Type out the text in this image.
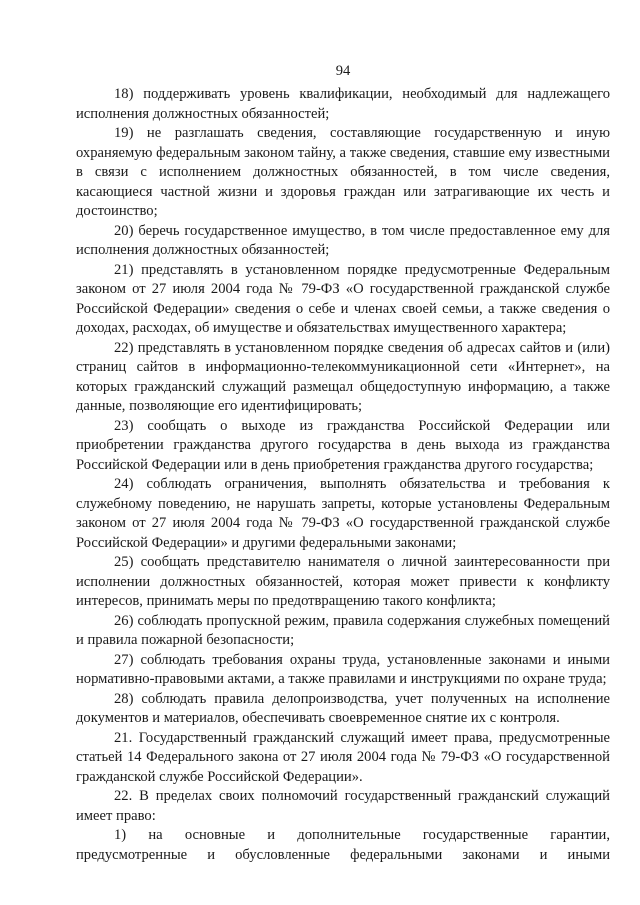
94

18) поддерживать уровень квалификации, необходимый для надлежащего исполнения должностных обязанностей;

19) не разглашать сведения, составляющие государственную и иную охраняемую федеральным законом тайну, а также сведения, ставшие ему известными в связи с исполнением должностных обязанностей, в том числе сведения, касающиеся частной жизни и здоровья граждан или затрагивающие их честь и достоинство;

20) беречь государственное имущество, в том числе предоставленное ему для исполнения должностных обязанностей;

21) представлять в установленном порядке предусмотренные Федеральным законом от 27 июля 2004 года № 79-ФЗ «О государственной гражданской службе Российской Федерации» сведения о себе и членах своей семьи, а также сведения о доходах, расходах, об имуществе и обязательствах имущественного характера;

22) представлять в установленном порядке сведения об адресах сайтов и (или) страниц сайтов в информационно-телекоммуникационной сети «Интернет», на которых гражданский служащий размещал общедоступную информацию, а также данные, позволяющие его идентифицировать;

23) сообщать о выходе из гражданства Российской Федерации или приобретении гражданства другого государства в день выхода из гражданства Российской Федерации или в день приобретения гражданства другого государства;

24) соблюдать ограничения, выполнять обязательства и требования к служебному поведению, не нарушать запреты, которые установлены Федеральным законом от 27 июля 2004 года № 79-ФЗ «О государственной гражданской службе Российской Федерации» и другими федеральными законами;

25) сообщать представителю нанимателя о личной заинтересованности при исполнении должностных обязанностей, которая может привести к конфликту интересов, принимать меры по предотвращению такого конфликта;

26) соблюдать пропускной режим, правила содержания служебных помещений и правила пожарной безопасности;

27) соблюдать требования охраны труда, установленные законами и иными нормативно-правовыми актами, а также правилами и инструкциями по охране труда;

28) соблюдать правила делопроизводства, учет полученных на исполнение документов и материалов, обеспечивать своевременное снятие их с контроля.

21. Государственный гражданский служащий имеет права, предусмотренные статьей 14 Федерального закона от 27 июля 2004 года № 79-ФЗ «О государственной гражданской службе Российской Федерации».

22. В пределах своих полномочий государственный гражданский служащий имеет право:

1) на основные и дополнительные государственные гарантии, предусмотренные и обусловленные федеральными законами и иными
